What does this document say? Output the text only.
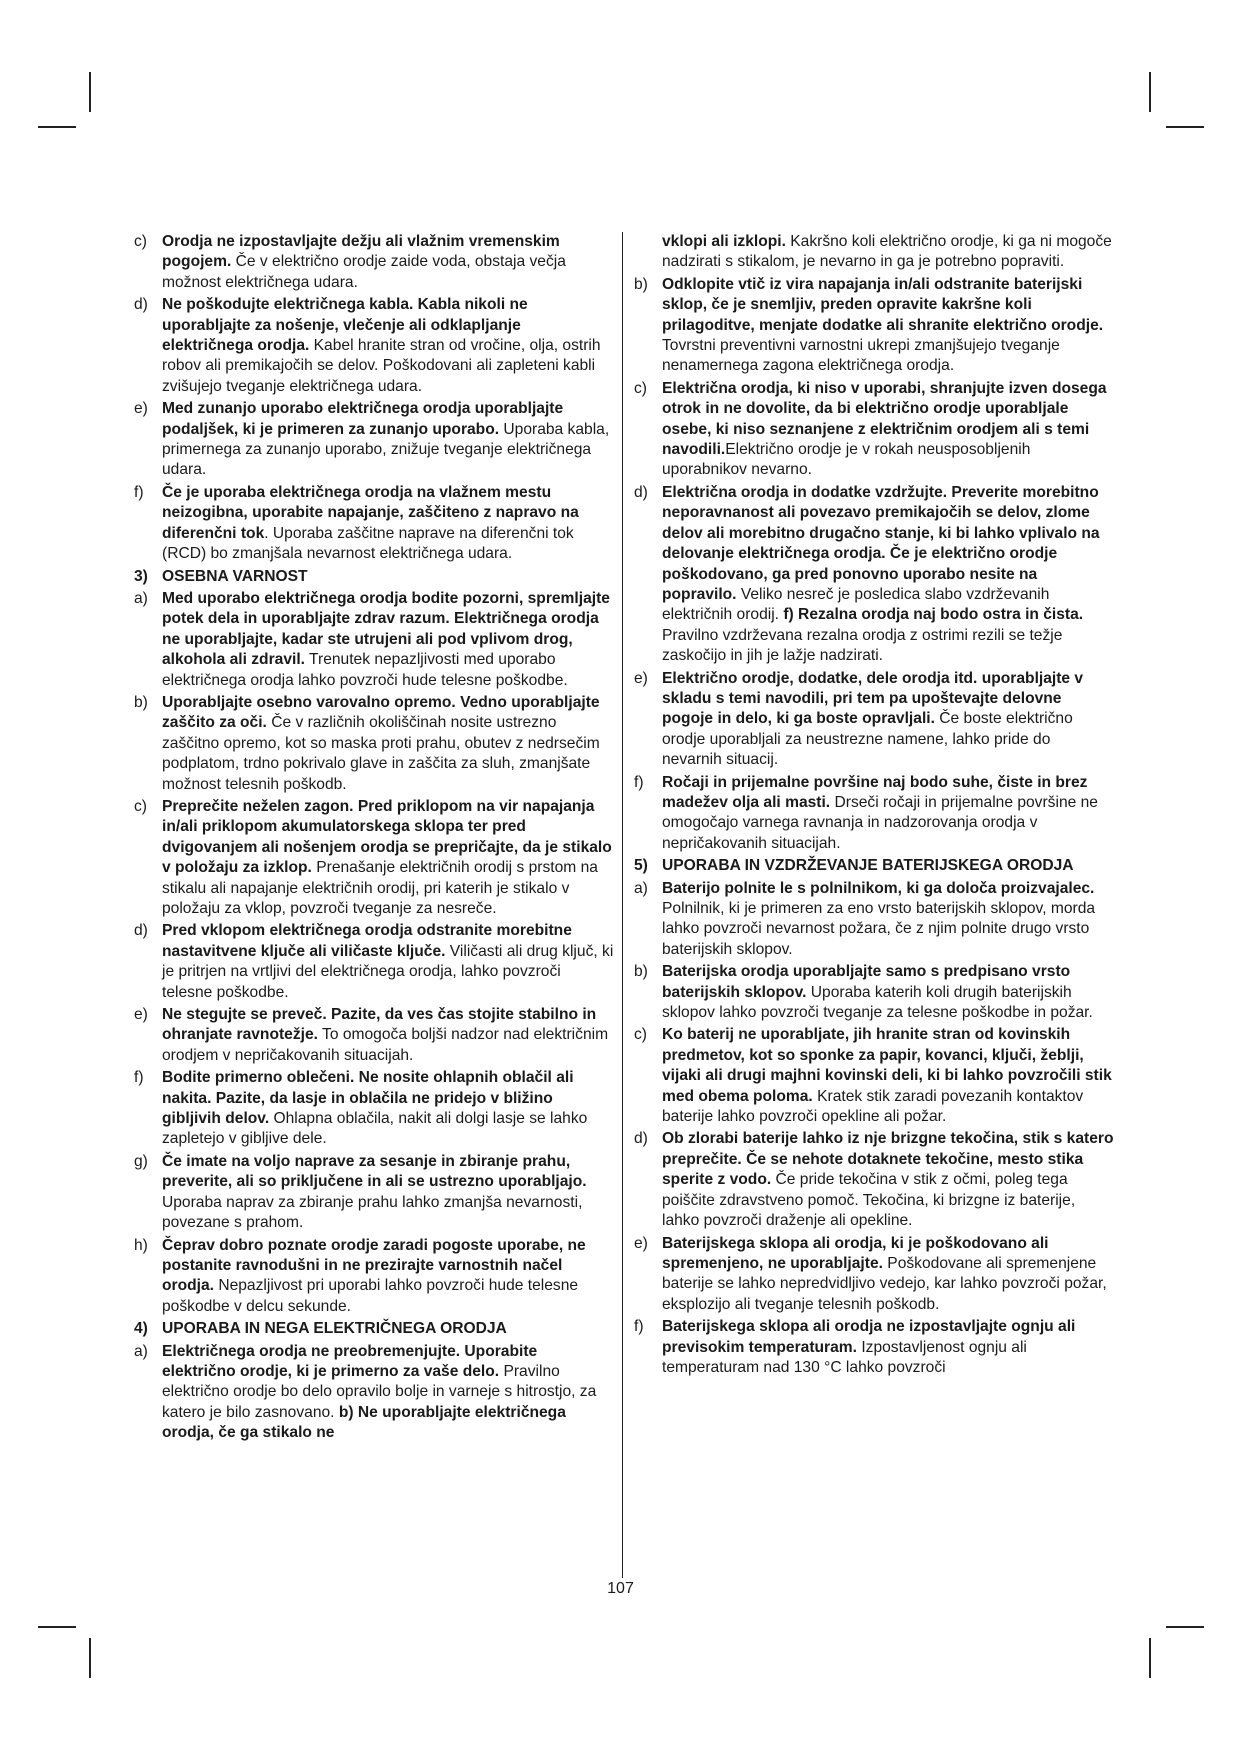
c) Orodja ne izpostavljajte dežju ali vlažnim vremenskim pogojem. Če v električno orodje zaide voda, obstaja večja možnost električnega udara.
d) Ne poškodujte električnega kabla. Kabla nikoli ne uporabljajte za nošenje, vlečenje ali odklapljanje električnega orodja. Kabel hranite stran od vročine, olja, ostrih robov ali premikajočih se delov. Poškodovani ali zapleteni kabli zvišujejo tveganje električnega udara.
e) Med zunanjo uporabo električnega orodja uporabljajte podaljšek, ki je primeren za zunanjo uporabo. Uporaba kabla, primernega za zunanjo uporabo, znižuje tveganje električnega udara.
f) Če je uporaba električnega orodja na vlažnem mestu neizogibna, uporabite napajanje, zaščiteno z napravo na diferenčni tok. Uporaba zaščitne naprave na diferenčni tok (RCD) bo zmanjšala nevarnost električnega udara.
3) OSEBNA VARNOST
a) Med uporabo električnega orodja bodite pozorni, spremljajte potek dela in uporabljajte zdrav razum. Električnega orodja ne uporabljajte, kadar ste utrujeni ali pod vplivom drog, alkohola ali zdravil. Trenutek nepazljivosti med uporabo električnega orodja lahko povzroči hude telesne poškodbe.
b) Uporabljajte osebno varovalno opremo. Vedno uporabljajte zaščito za oči. Če v različnih okoliščinah nosite ustrezno zaščitno opremo, kot so maska proti prahu, obutev z nedrsečim podplatom, trdno pokrivalo glave in zaščita za sluh, zmanjšate možnost telesnih poškodb.
c) Preprečite neželen zagon. Pred priklopom na vir napajanja in/ali priklopom akumulatorskega sklopa ter pred dvigovanjem ali nošenjem orodja se prepričajte, da je stikalo v položaju za izklop. Prenašanje električnih orodij s prstom na stikalu ali napajanje električnih orodij, pri katerih je stikalo v položaju za vklop, povzroči tveganje za nesreče.
d) Pred vklopom električnega orodja odstranite morebitne nastavitvene ključe ali viličaste ključe. Viličasti ali drug ključ, ki je pritrjen na vrtljivi del električnega orodja, lahko povzroči telesne poškodbe.
e) Ne stegujte se preveč. Pazite, da ves čas stojite stabilno in ohranjate ravnotežje. To omogoča boljši nadzor nad električnim orodjem v nepričakovanih situacijah.
f) Bodite primerno oblečeni. Ne nosite ohlapnih oblačil ali nakita. Pazite, da lasje in oblačila ne pridejo v bližino gibljivih delov. Ohlapna oblačila, nakit ali dolgi lasje se lahko zapletejo v gibljive dele.
g) Če imate na voljo naprave za sesanje in zbiranje prahu, preverite, ali so priključene in ali se ustrezno uporabljajo. Uporaba naprav za zbiranje prahu lahko zmanjša nevarnosti, povezane s prahom.
h) Čeprav dobro poznate orodje zaradi pogoste uporabe, ne postanite ravnodušni in ne prezirajte varnostnih načel orodja. Nepazljivost pri uporabi lahko povzroči hude telesne poškodbe v delcu sekunde.
4) UPORABA IN NEGA ELEKTRIČNEGA ORODJA
a) Električnega orodja ne preobremenjujte. Uporabite električno orodje, ki je primerno za vaše delo. Pravilno električno orodje bo delo opravilo bolje in varneje s hitrostjo, za katero je bilo zasnovano. b) Ne uporabljajte električnega orodja, če ga stikalo ne
vklopi ali izklopi. Kakršno koli električno orodje, ki ga ni mogoče nadzirati s stikalom, je nevarno in ga je potrebno popraviti.
b) Odklopite vtič iz vira napajanja in/ali odstranite baterijski sklop, če je snemljiv, preden opravite kakršne koli prilagoditve, menjate dodatke ali shranite električno orodje. Tovrstni preventivni varnostni ukrepi zmanjšujejo tveganje nenamernega zagona električnega orodja.
c) Električna orodja, ki niso v uporabi, shranjujte izven dosega otrok in ne dovolite, da bi električno orodje uporabljale osebe, ki niso seznanjene z električnim orodjem ali s temi navodili.Električno orodje je v rokah neusposobljenih uporabnikov nevarno.
d) Električna orodja in dodatke vzdržujte. Preverite morebitno neporavnanost ali povezavo premikajočih se delov, zlome delov ali morebitno drugačno stanje, ki bi lahko vplivalo na delovanje električnega orodja. Če je električno orodje poškodovano, ga pred ponovno uporabo nesite na popravilo. Veliko nesreč je posledica slabo vzdrževanih električnih orodij. f) Rezalna orodja naj bodo ostra in čista. Pravilno vzdrževana rezalna orodja z ostrimi rezili se težje zaskočijo in jih je lažje nadzirati.
e) Električno orodje, dodatke, dele orodja itd. uporabljajte v skladu s temi navodili, pri tem pa upoštevajte delovne pogoje in delo, ki ga boste opravljali. Če boste električno orodje uporabljali za neustrezne namene, lahko pride do nevarnih situacij.
f) Ročaji in prijemalne površine naj bodo suhe, čiste in brez madežev olja ali masti. Drseči ročaji in prijemalne površine ne omogočajo varnega ravnanja in nadzorovanja orodja v nepričakovanih situacijah.
5) UPORABA IN VZDRŽEVANJE BATERIJSKEGA ORODJA
a) Baterijo polnite le s polnilnikom, ki ga določa proizvajalec. Polnilnik, ki je primeren za eno vrsto baterijskih sklopov, morda lahko povzroči nevarnost požara, če z njim polnite drugo vrsto baterijskih sklopov.
b) Baterijska orodja uporabljajte samo s predpisano vrsto baterijskih sklopov. Uporaba katerih koli drugih baterijskih sklopov lahko povzroči tveganje za telesne poškodbe in požar.
c) Ko baterij ne uporabljate, jih hranite stran od kovinskih predmetov, kot so sponke za papir, kovanci, ključi, žeblji, vijaki ali drugi majhni kovinski deli, ki bi lahko povzročili stik med obema poloma. Kratek stik zaradi povezanih kontaktov baterije lahko povzroči opekline ali požar.
d) Ob zlorabi baterije lahko iz nje brizgne tekočina, stik s katero preprečite. Če se nehote dotaknete tekočine, mesto stika sperite z vodo. Če pride tekočina v stik z očmi, poleg tega poiščite zdravstveno pomoč. Tekočina, ki brizgne iz baterije, lahko povzroči draženje ali opekline.
e) Baterijskega sklopa ali orodja, ki je poškodovano ali spremenjeno, ne uporabljajte. Poškodovane ali spremenjene baterije se lahko nepredvidljivo vedejo, kar lahko povzroči požar, eksplozijo ali tveganje telesnih poškodb.
f) Baterijskega sklopa ali orodja ne izpostavljajte ognju ali previsokim temperaturam. Izpostavljenost ognju ali temperaturam nad 130 °C lahko povzroči
107
